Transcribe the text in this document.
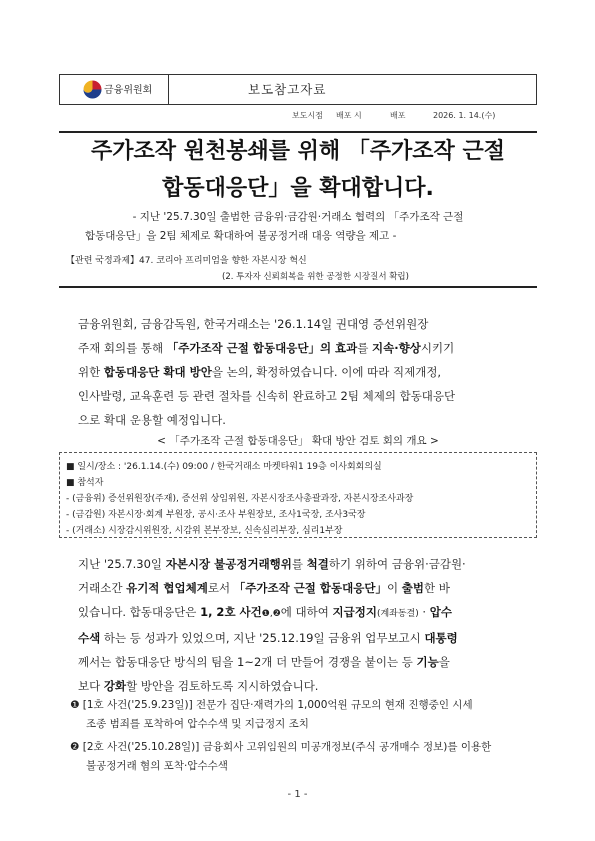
금융위원회	보도참고자료
보도시점 배포 시	배포	2026. 1. 14.(수)
주가조작 원천봉쇄를 위해 「주가조작 근절
합동대응단」을 확대합니다.
- 지난 '25.7.30일 출범한 금융위·금감원·거래소 협력의 「주가조작 근절
합동대응단」을 2팀 체제로 확대하여 불공정거래 대응 역량을 제고 -
【관련 국정과제】47. 코리아 프리미엄을 향한 자본시장 혁신
(2. 투자자 신뢰회복을 위한 공정한 시장질서 확립)
금융위원회, 금융감독원, 한국거래소는 '26.1.14일 권대영 증선위원장
주재 회의를 통해 「주가조작 근절 합동대응단」의 효과를 지속·향상시키기
위한 합동대응단 확대 방안을 논의, 확정하였습니다. 이에 따라 직제개정,
인사발령, 교육훈련 등 관련 절차를 신속히 완료하고 2팀 체제의 합동대응단
으로 확대 운용할 예정입니다.
< 「주가조작 근절 합동대응단」 확대 방안 검토 회의 개요 >
■ 일시/장소 : '26.1.14.(수) 09:00 / 한국거래소 마켓타워1 19층 이사회회의실
■ 참석자
- (금융위) 증선위원장(주재), 증선위 상임위원, 자본시장조사총괄과장, 자본시장조사과장
- (금감원) 자본시장·회계 부원장, 공시·조사 부원장보, 조사1국장, 조사3국장
- (거래소) 시장감시위원장, 시감위 본부장보, 신속심리부장, 심리1부장
지난 '25.7.30일 자본시장 불공정거래행위를 척결하기 위하여 금융위·금감원·
거래소간 유기적 협업체계로서 「주가조작 근절 합동대응단」이 출범한 바
있습니다. 합동대응단은 1, 2호 사건❶,❷에 대하여 지급정지(계좌동결) · 압수
수색 하는 등 성과가 있었으며, 지난 '25.12.19일 금융위 업무보고시 대통령
께서는 합동대응단 방식의 팀을 1~2개 더 만들어 경쟁을 붙이는 등 기능을
보다 강화할 방안을 검토하도록 지시하였습니다.
❶ [1호 사건('25.9.23일)] 전문가 집단·재력가의 1,000억원 규모의 현재 진행중인 시세
조종 범죄를 포착하여 압수수색 및 지급정지 조치
❷ [2호 사건('25.10.28일)] 금융회사 고위임원의 미공개정보(주식 공개매수 정보)를 이용한
불공정거래 혐의 포착·압수수색
- 1 -
